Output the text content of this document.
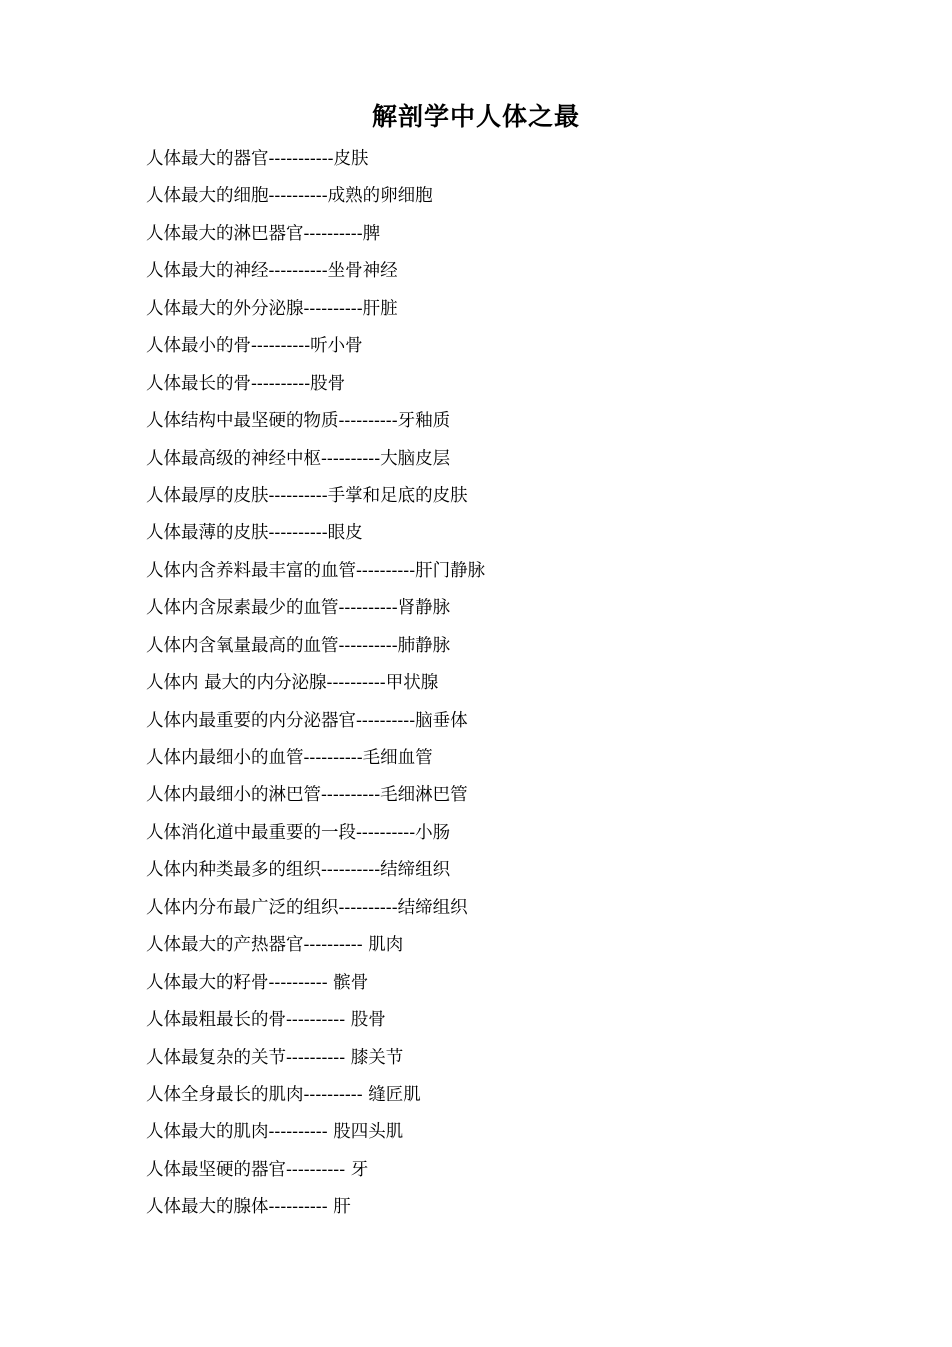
解剖学中人体之最
人体最大的器官-----------皮肤
人体最大的细胞----------成熟的卵细胞
人体最大的淋巴器官----------脾
人体最大的神经----------坐骨神经
人体最大的外分泌腺----------肝脏
人体最小的骨----------听小骨
人体最长的骨----------股骨
人体结构中最坚硬的物质----------牙釉质
人体最高级的神经中枢----------大脑皮层
人体最厚的皮肤----------手掌和足底的皮肤
人体最薄的皮肤----------眼皮
人体内含养料最丰富的血管----------肝门静脉
人体内含尿素最少的血管----------肾静脉
人体内含氧量最高的血管----------肺静脉
人体内 最大的内分泌腺----------甲状腺
人体内最重要的内分泌器官----------脑垂体
人体内最细小的血管----------毛细血管
人体内最细小的淋巴管----------毛细淋巴管
人体消化道中最重要的一段----------小肠
人体内种类最多的组织----------结缔组织
人体内分布最广泛的组织----------结缔组织
人体最大的产热器官---------- 肌肉
人体最大的籽骨---------- 髌骨
人体最粗最长的骨---------- 股骨
人体最复杂的关节---------- 膝关节
人体全身最长的肌肉---------- 缝匠肌
人体最大的肌肉---------- 股四头肌
人体最坚硬的器官---------- 牙
人体最大的腺体---------- 肝
